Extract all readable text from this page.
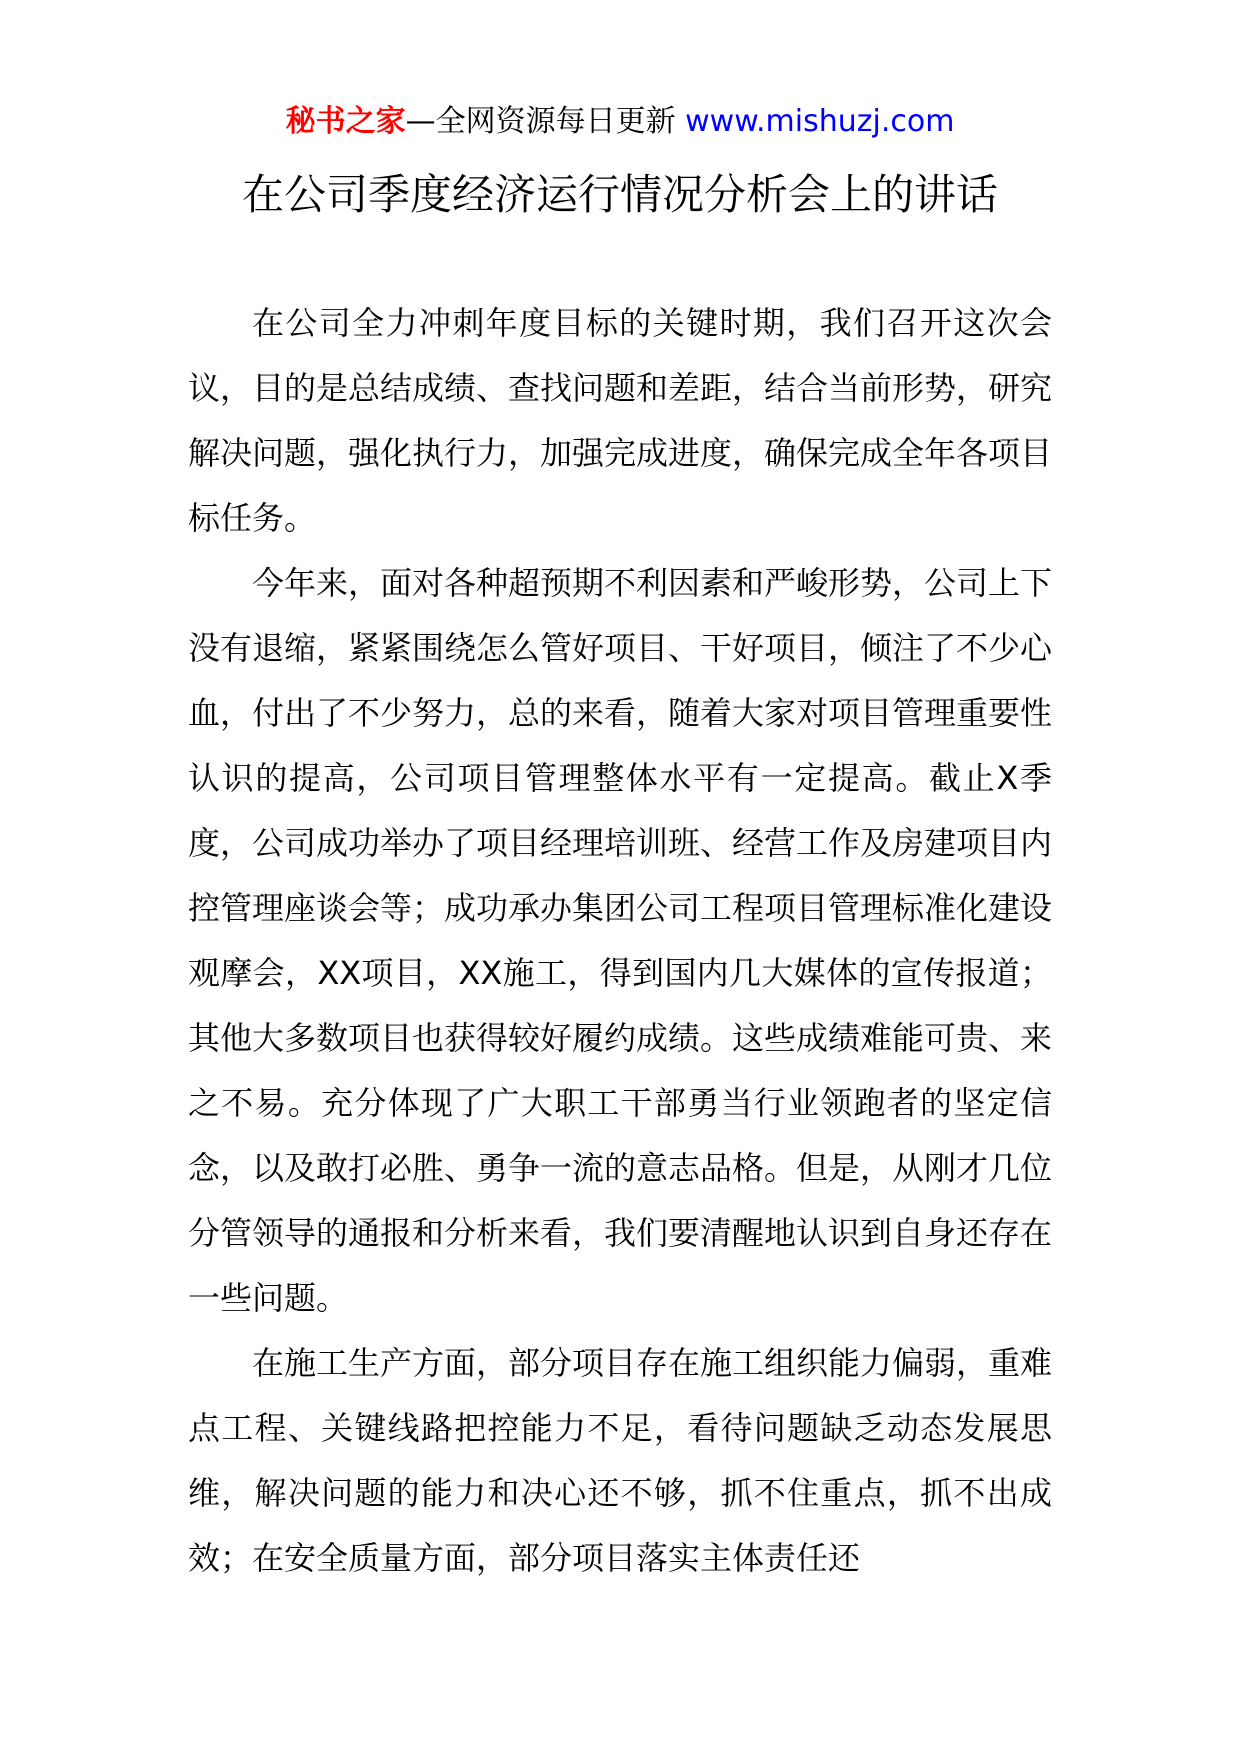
秘书之家—全网资源每日更新 www.mishuzj.com
在公司季度经济运行情况分析会上的讲话

在公司全力冲刺年度目标的关键时期，我们召开这次会议，目的是总结成绩、查找问题和差距，结合当前形势，研究解决问题，强化执行力，加强完成进度，确保完成全年各项目标任务。

今年来，面对各种超预期不利因素和严峻形势，公司上下没有退缩，紧紧围绕怎么管好项目、干好项目，倾注了不少心血，付出了不少努力，总的来看，随着大家对项目管理重要性认识的提高，公司项目管理整体水平有一定提高。截止X季度，公司成功举办了项目经理培训班、经营工作及房建项目内控管理座谈会等；成功承办集团公司工程项目管理标准化建设观摩会，XX项目，XX施工，得到国内几大媒体的宣传报道；其他大多数项目也获得较好履约成绩。这些成绩难能可贵、来之不易。充分体现了广大职工干部勇当行业领跑者的坚定信念，以及敢打必胜、勇争一流的意志品格。但是，从刚才几位分管领导的通报和分析来看，我们要清醒地认识到自身还存在一些问题。

在施工生产方面，部分项目存在施工组织能力偏弱，重难点工程、关键线路把控能力不足，看待问题缺乏动态发展思维，解决问题的能力和决心还不够，抓不住重点，抓不出成效；在安全质量方面，部分项目落实主体责任还
